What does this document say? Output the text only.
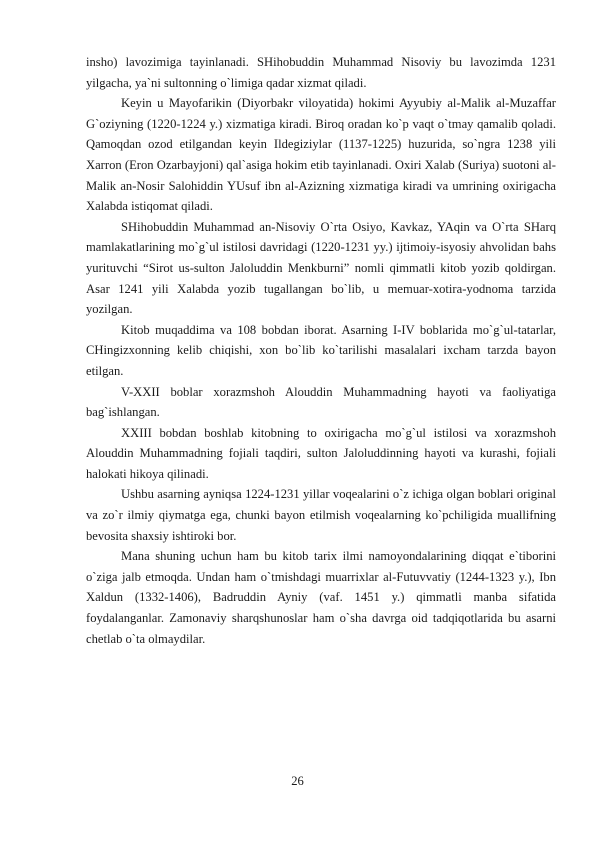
insho) lavozimiga tayinlanadi. SHihobuddin Muhammad Nisoviy bu lavozimda 1231 yilgacha, ya`ni sultonning o`limiga qadar xizmat qiladi.

Keyin u Mayofarikin (Diyorbakr viloyatida) hokimi Ayyubiy al-Malik al-Muzaffar G`oziyning (1220-1224 y.) xizmatiga kiradi. Biroq oradan ko`p vaqt o`tmay qamalib qoladi. Qamoqdan ozod etilgandan keyin Ildegiziylar (1137-1225) huzurida, so`ngra 1238 yili Xarron (Eron Ozarbayjoni) qal`asiga hokim etib tayinlanadi. Oxiri Xalab (Suriya) suotoni al-Malik an-Nosir Salohiddin YUsuf ibn al-Azizning xizmatiga kiradi va umrining oxirigacha Xalabda istiqomat qiladi.

SHihobuddin Muhammad an-Nisoviy O`rta Osiyo, Kavkaz, YAqin va O`rta SHarq mamlakatlarining mo`g`ul istilosi davridagi (1220-1231 yy.) ijtimoiy-isyosiy ahvolidan bahs yurituvchi “Sirot us-sulton Jaloluddin Menkburni” nomli qimmatli kitob yozib qoldirgan. Asar 1241 yili Xalabda yozib tugallangan bo`lib, u memuar-xotira-yodnoma tarzida yozilgan.

Kitob muqaddima va 108 bobdan iborat. Asarning I-IV boblarida mo`g`ul-tatarlar, CHingizxonning kelib chiqishi, xon bo`lib ko`tarilishi masalalari ixcham tarzda bayon etilgan.

V-XXII boblar xorazmshoh Alouddin Muhammadning hayoti va faoliyatiga bag`ishlangan.

XXIII bobdan boshlab kitobning to oxirigacha mo`g`ul istilosi va xorazmshoh Alouddin Muhammadning fojiali taqdiri, sulton Jaloluddinning hayoti va kurashi, fojiali halokati hikoya qilinadi.

Ushbu asarning ayniqsa 1224-1231 yillar voqealarini o`z ichiga olgan boblari original va zo`r ilmiy qiymatga ega, chunki bayon etilmish voqealarning ko`pchiligida muallifning bevosita shaxsiy ishtiroki bor.

Mana shuning uchun ham bu kitob tarix ilmi namoyondalarining diqqat e`tiborini o`ziga jalb etmoqda. Undan ham o`tmishdagi muarrixlar al-Futuvvatiy (1244-1323 y.), Ibn Xaldun (1332-1406), Badruddin Ayniy (vaf. 1451 y.) qimmatli manba sifatida foydalanganlar. Zamonaviy sharqshunoslar ham o`sha davrga oid tadqiqotlarida bu asarni chetlab o`ta olmaydilar.

26
